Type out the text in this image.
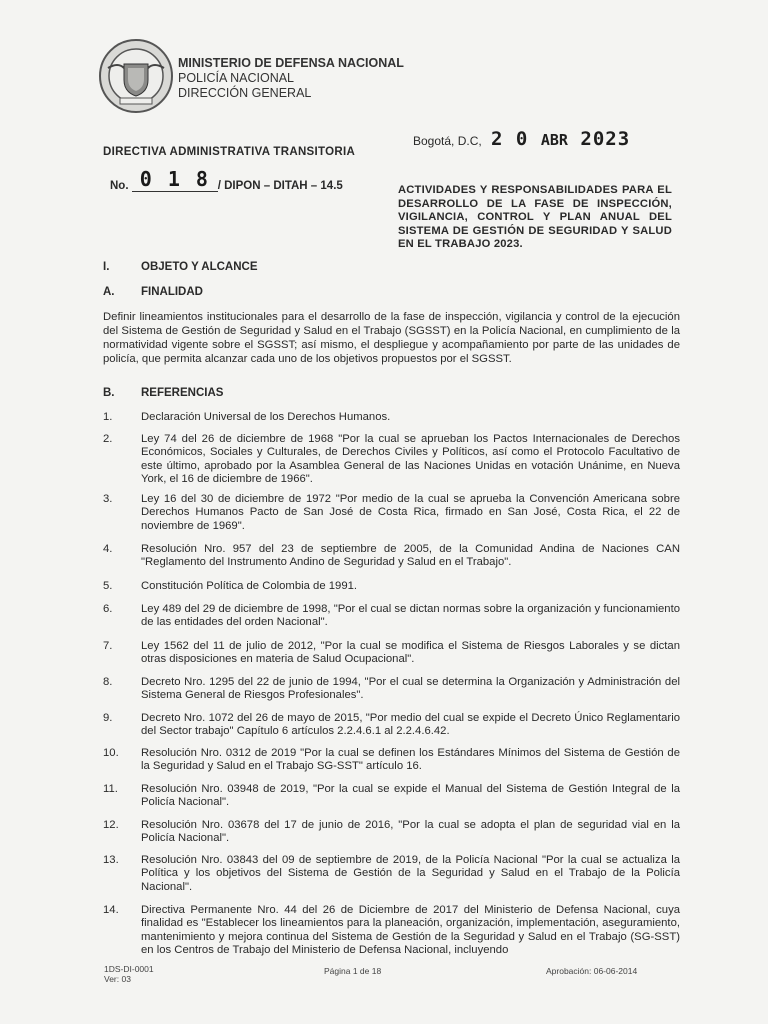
MINISTERIO DE DEFENSA NACIONAL
POLICÍA NACIONAL
DIRECCIÓN GENERAL
Bogotá, D.C, 2 0 ABR 2023
DIRECTIVA ADMINISTRATIVA TRANSITORIA
No. 0 1 8 / DIPON – DITAH – 14.5	ACTIVIDADES Y RESPONSABILIDADES PARA EL DESARROLLO DE LA FASE DE INSPECCIÓN, VIGILANCIA, CONTROL Y PLAN ANUAL DEL SISTEMA DE GESTIÓN DE SEGURIDAD Y SALUD EN EL TRABAJO 2023.
I.	OBJETO Y ALCANCE
A. FINALIDAD
Definir lineamientos institucionales para el desarrollo de la fase de inspección, vigilancia y control de la ejecución del Sistema de Gestión de Seguridad y Salud en el Trabajo (SGSST) en la Policía Nacional, en cumplimiento de la normatividad vigente sobre el SGSST; así mismo, el despliegue y acompañamiento por parte de las unidades de policía, que permita alcanzar cada uno de los objetivos propuestos por el SGSST.
B. REFERENCIAS
1.	Declaración Universal de los Derechos Humanos.
2.	Ley 74 del 26 de diciembre de 1968 "Por la cual se aprueban los Pactos Internacionales de Derechos Económicos, Sociales y Culturales, de Derechos Civiles y Políticos, así como el Protocolo Facultativo de este último, aprobado por la Asamblea General de las Naciones Unidas en votación Unánime, en Nueva York, el 16 de diciembre de 1966".
3.	Ley 16 del 30 de diciembre de 1972 "Por medio de la cual se aprueba la Convención Americana sobre Derechos Humanos Pacto de San José de Costa Rica, firmado en San José, Costa Rica, el 22 de noviembre de 1969".
4.	Resolución Nro. 957 del 23 de septiembre de 2005, de la Comunidad Andina de Naciones CAN "Reglamento del Instrumento Andino de Seguridad y Salud en el Trabajo".
5.	Constitución Política de Colombia de 1991.
6.	Ley 489 del 29 de diciembre de 1998, "Por el cual se dictan normas sobre la organización y funcionamiento de las entidades del orden Nacional".
7.	Ley 1562 del 11 de julio de 2012, "Por la cual se modifica el Sistema de Riesgos Laborales y se dictan otras disposiciones en materia de Salud Ocupacional".
8.	Decreto Nro. 1295 del 22 de junio de 1994, "Por el cual se determina la Organización y Administración del Sistema General de Riesgos Profesionales".
9.	Decreto Nro. 1072 del 26 de mayo de 2015, "Por medio del cual se expide el Decreto Único Reglamentario del Sector trabajo" Capítulo 6 artículos 2.2.4.6.1 al 2.2.4.6.42.
10.	Resolución Nro. 0312 de 2019 "Por la cual se definen los Estándares Mínimos del Sistema de Gestión de la Seguridad y Salud en el Trabajo SG-SST" artículo 16.
11.	Resolución Nro. 03948 de 2019, "Por la cual se expide el Manual del Sistema de Gestión Integral de la Policía Nacional".
12.	Resolución Nro. 03678 del 17 de junio de 2016, "Por la cual se adopta el plan de seguridad vial en la Policía Nacional".
13.	Resolución Nro. 03843 del 09 de septiembre de 2019, de la Policía Nacional "Por la cual se actualiza la Política y los objetivos del Sistema de Gestión de la Seguridad y Salud en el Trabajo de la Policía Nacional".
14.	Directiva Permanente Nro. 44 del 26 de Diciembre de 2017 del Ministerio de Defensa Nacional, cuya finalidad es "Establecer los lineamientos para la planeación, organización, implementación, aseguramiento, mantenimiento y mejora continua del Sistema de Gestión de la Seguridad y Salud en el Trabajo (SG-SST) en los Centros de Trabajo del Ministerio de Defensa Nacional, incluyendo
1DS-DI-0001
Ver: 03
Página 1 de 18	Aprobación: 06-06-2014
